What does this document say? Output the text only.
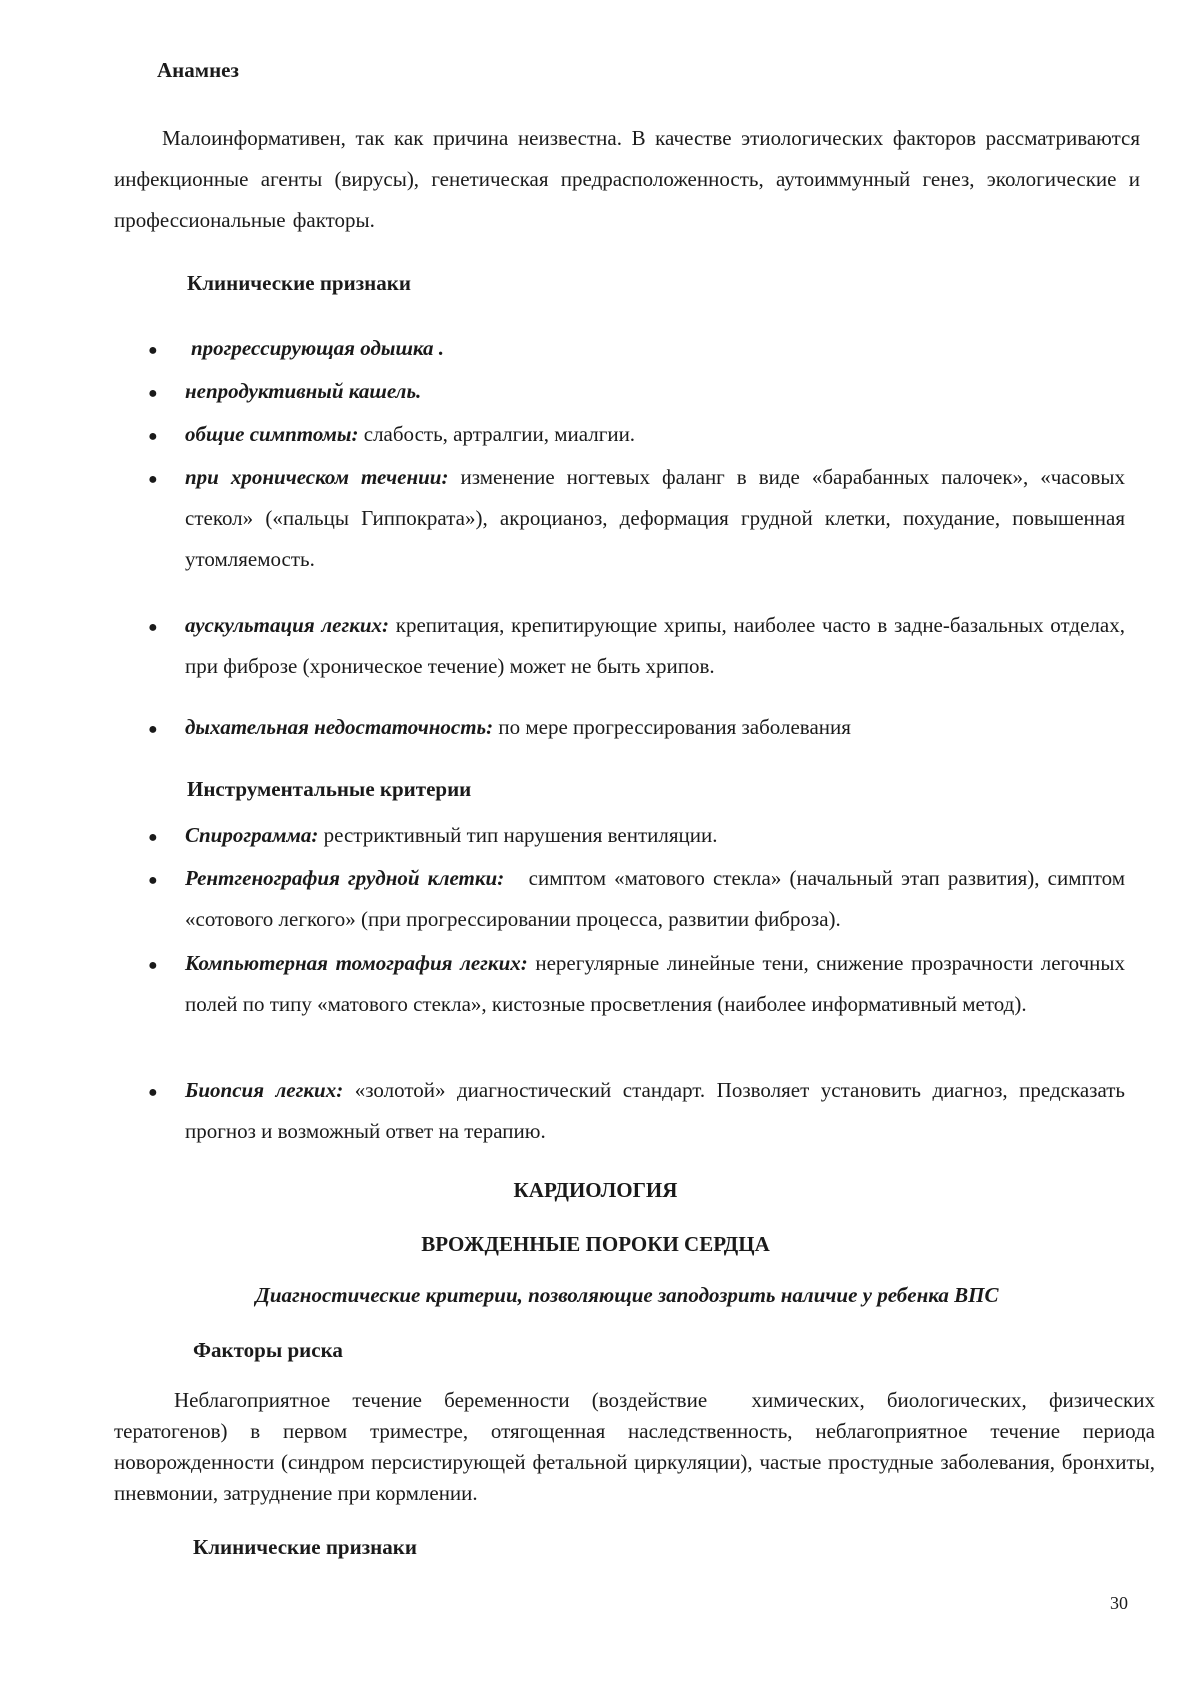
Анамнез
Малоинформативен, так как причина неизвестна. В качестве этиологических факторов рассматриваются инфекционные агенты (вирусы), генетическая предрасположенность, аутоиммунный генез, экологические и профессиональные факторы.
Клинические признаки
● прогрессирующая одышка .
● непродуктивный кашель.
● общие симптомы: слабость, артралгии, миалгии.
● при хроническом течении: изменение ногтевых фаланг в виде «барабанных палочек», «часовых стекол» («пальцы Гиппократа»), акроцианоз, деформация грудной клетки, похудание, повышенная утомляемость.
● аускультация легких: крепитация, крепитирующие хрипы, наиболее часто в задне-базальных отделах, при фиброзе (хроническое течение) может не быть хрипов.
● дыхательная недостаточность: по мере прогрессирования заболевания
Инструментальные критерии
● Спирограмма: рестриктивный тип нарушения вентиляции.
● Рентгенография грудной клетки:   симптом «матового стекла» (начальный этап развития), симптом «сотового легкого» (при прогрессировании процесса, развитии фиброза).
● Компьютерная томография легких: нерегулярные линейные тени, снижение прозрачности легочных полей по типу «матового стекла», кистозные просветления (наиболее информативный метод).
● Биопсия легких: «золотой» диагностический стандарт. Позволяет установить диагноз, предсказать прогноз и возможный ответ на терапию.
КАРДИОЛОГИЯ
ВРОЖДЕННЫЕ ПОРОКИ СЕРДЦА
Диагностические критерии, позволяющие заподозрить наличие у ребенка ВПС
Факторы риска
Неблагоприятное течение беременности (воздействие  химических, биологических, физических тератогенов) в первом триместре, отягощенная наследственность, неблагоприятное течение периода новорожденности (синдром персистирующей фетальной циркуляции), частые простудные заболевания, бронхиты, пневмонии, затруднение при кормлении.
Клинические признаки
30
